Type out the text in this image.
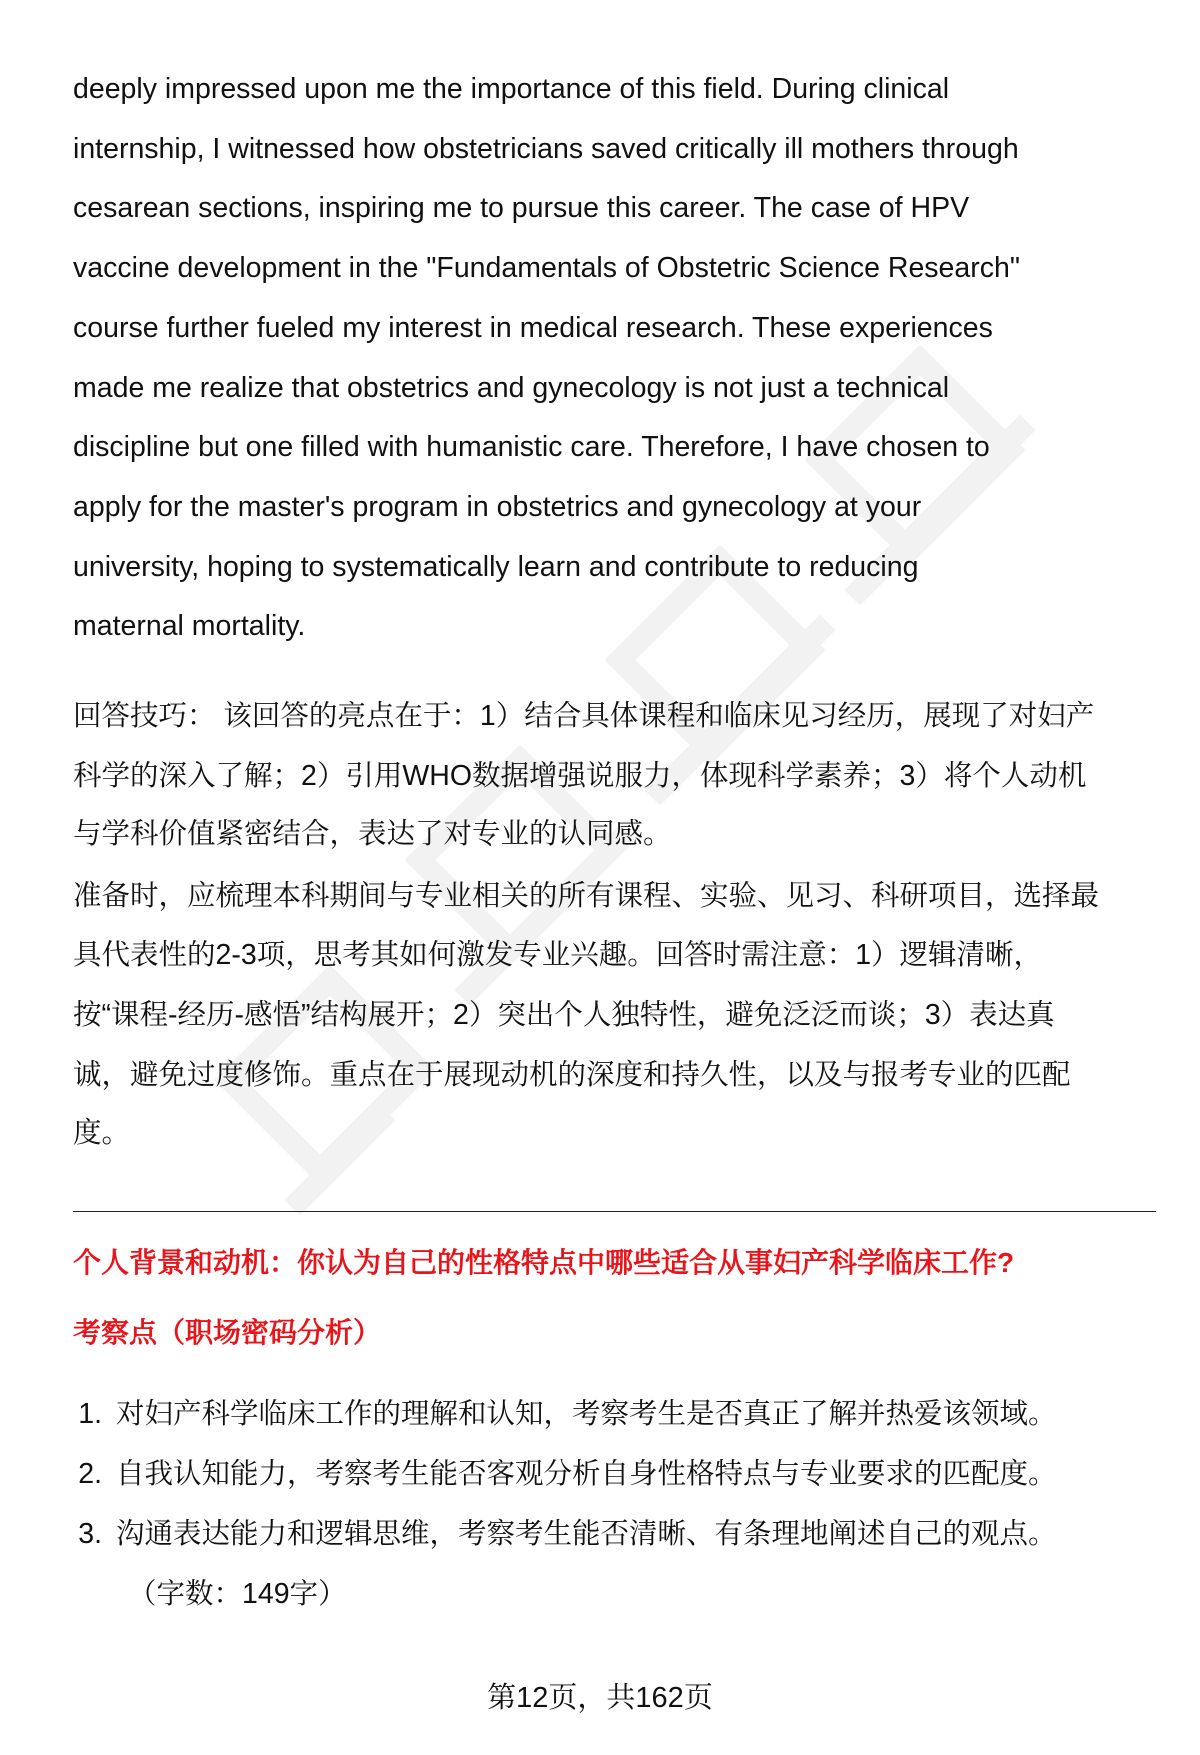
deeply impressed upon me the importance of this field. During clinical
internship, I witnessed how obstetricians saved critically ill mothers through
cesarean sections, inspiring me to pursue this career. The case of HPV
vaccine development in the "Fundamentals of Obstetric Science Research"
course further fueled my interest in medical research. These experiences
made me realize that obstetrics and gynecology is not just a technical
discipline but one filled with humanistic care. Therefore, I have chosen to
apply for the master's program in obstetrics and gynecology at your
university, hoping to systematically learn and contribute to reducing
maternal mortality.
回答技巧： 该回答的亮点在于：1）结合具体课程和临床见习经历，展现了对妇产
科学的深入了解；2）引用WHO数据增强说服力，体现科学素养；3）将个人动机
与学科价值紧密结合，表达了对专业的认同感。
准备时，应梳理本科期间与专业相关的所有课程、实验、见习、科研项目，选择最
具代表性的2-3项，思考其如何激发专业兴趣。回答时需注意：1）逻辑清晰，
按“课程-经历-感悟”结构展开；2）突出个人独特性，避免泛泛而谈；3）表达真
诚，避免过度修饰。重点在于展现动机的深度和持久性，以及与报考专业的匹配
度。
个人背景和动机：你认为自己的性格特点中哪些适合从事妇产科学临床工作?
考察点（职场密码分析）
1. 对妇产科学临床工作的理解和认知，考察考生是否真正了解并热爱该领域。
2. 自我认知能力，考察考生能否客观分析自身性格特点与专业要求的匹配度。
3. 沟通表达能力和逻辑思维，考察考生能否清晰、有条理地阐述自己的观点。
（字数：149字）
第12页，共162页
